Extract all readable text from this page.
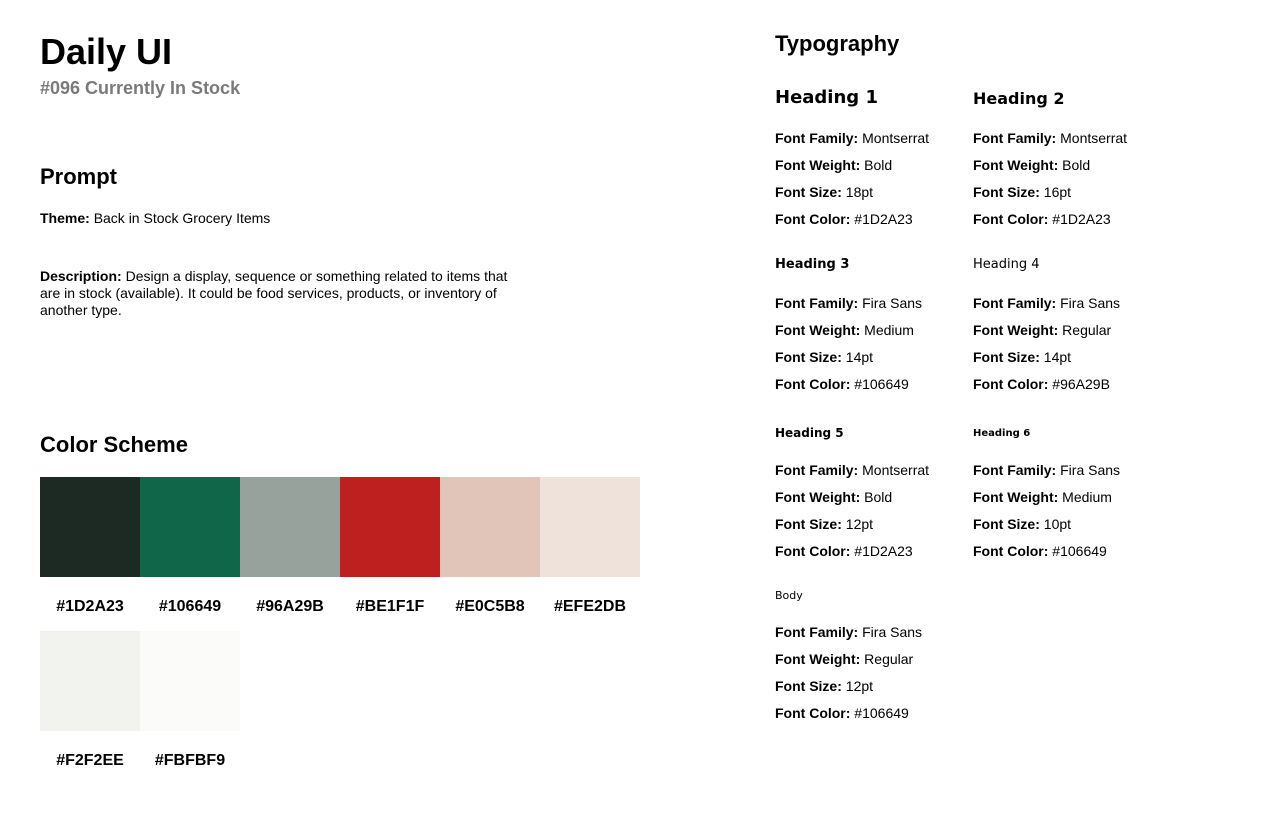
Daily UI
#096 Currently In Stock
Prompt
Theme: Back in Stock Grocery Items
Description: Design a display, sequence or something related to items that are in stock (available). It could be food services, products, or inventory of another type.
Color Scheme
#1D2A23	#106649	#96A29B	#BE1F1F	#E0C5B8	#EFE2DB
#F2F2EE	#FBFBF9
Typography
Heading 1
Font Family: Montserrat
Font Weight: Bold
Font Size: 18pt
Font Color: #1D2A23
Heading 2
Font Family: Montserrat
Font Weight: Bold
Font Size: 16pt
Font Color: #1D2A23
Heading 3
Font Family: Fira Sans
Font Weight: Medium
Font Size: 14pt
Font Color: #106649
Heading 4
Font Family: Fira Sans
Font Weight: Regular
Font Size: 14pt
Font Color: #96A29B
Heading 5
Font Family: Montserrat
Font Weight: Bold
Font Size: 12pt
Font Color: #1D2A23
Heading 6
Font Family: Fira Sans
Font Weight: Medium
Font Size: 10pt
Font Color: #106649
Body
Font Family: Fira Sans
Font Weight: Regular
Font Size: 12pt
Font Color: #106649
